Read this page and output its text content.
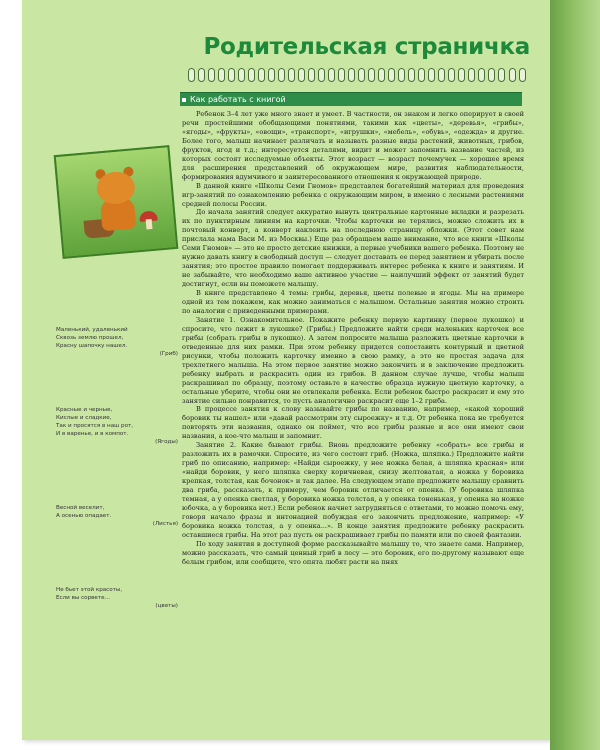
Родительская страничка
Как работать с книгой
Маленький, удаленький
Сквозь землю прошел,
Красну шапочку нашел.
(Гриб)
Красные и черные,
Кислые и сладкие,
Так и просятся в наш рот,
И в варенье, и в компот.
(Ягоды)
Весной веселит,
А осенью опадает.
(Листья)
Не бьет этой красоты,
Если вы сорвете...
(цветы)

Ребенок 3–4 лет уже много знает и умеет. В частности, он знаком и легко оперирует в своей речи простейшими обобщающими понятиями, такими как «цветы», «деревья», «грибы», «ягоды», «фрукты», «овощи», «транспорт», «игрушки», «мебель», «обувь», «одежда» и другие. Более того, малыш начинает различать и называть разные виды растений, животных, грибов, фруктов, ягод и т.д.; интересуется деталями, видит и может запомнить название частей, из которых состоят исследуемые объекты. Этот возраст — возраст почемучек — хорошее время для расширения представлений об окружающем мире, развития наблюдательности, формирования вдумчивого и заинтересованного отношения к окружающей природе.

В данной книге «Школы Семи Гномов» представлен богатейший материал для проведения игр-занятий по ознакомлению ребенка с окружающим миром, в именно с лесными растениями средней полосы России.

До начала занятий следует аккуратно вынуть центральные картонные вкладки и разрезать их по пунктирным линиям на карточки. Чтобы карточки не терялись, можно сложить их в почтовый конверт, а конверт наклеить на последнюю страницу обложки. (Этот совет нам прислала мама Васи М. из Москвы.) Еще раз обращаем ваше внимание, что все книги «Школы Семи Гномов» — это не просто детские книжки, а первые учебники вашего ребенка. Поэтому не нужно давать книгу в свободный доступ — следует доставать ее перед занятием и убирать после занятия; это простое правило помогает поддерживать интерес ребенка к книге и занятиям. И не забывайте, что необходимо ваше активное участие — наилучший эффект от занятий будет достигнут, если вы поможете малышу.

В книге представлено 4 темы: грибы, деревья, цветы полевые и ягоды. Мы на примере одной из тем покажем, как можно заниматься с малышом. Остальные занятия можно строить по аналогии с приведенными примерами.

Занятие 1. Ознакомительное. Покажите ребенку первую картинку (первое лукошко) и спросите, что лежит в лукошке? (Грибы.) Предложите найти среди маленьких карточек все грибы (собрать грибы в лукошко). А затем попросите малыша разложить цветные карточки в отведенные для них рамки. При этом ребенку придется сопоставить контурный и цветной рисунки, чтобы положить карточку именно в свою рамку, а это не простая задача для трехлетнего малыша. На этом первое занятие можно закончить и в заключение предложить ребенку выбрать и раскрасить один из грибов. В данном случае лучше, чтобы малыш раскрашивал по образцу, поэтому оставьте в качестве образца нужную цветную карточку, а остальные уберите, чтобы они не отвлекали ребенка. Если ребенок быстро раскрасит и ему это занятие сильно понравится, то пусть аналогично раскрасит еще 1–2 гриба.

В процессе занятия к слову называйте грибы по названию, например, «какой хороший боровик ты нашел» или «давай рассмотрим эту сыроежку» и т.д. От ребенка пока не требуется повторять эти названия, однако он поймет, что все грибы разные и все они имеют свои названия, а кое-что малыш и запомнит.

Занятие 2. Какие бывают грибы. Вновь предложите ребенку «собрать» все грибы и разложить их в рамочки. Спросите, из чего состоит гриб. (Ножка, шляпка.) Предложите найти гриб по описанию, например: «Найди сыроежку, у нее ножка белая, а шляпка красная» или «найди боровик, у него шляпка сверху коричневая, снизу желтоватая, а ножка у боровика крепкая, толстая, как бочонок» и так далее. На следующем этапе предложите малышу сравнить два гриба, рассказать, к примеру, чем боровик отличается от опенка. (У боровика шляпка темная, а у опенка светлая, у боровика ножка толстая, а у опенка тоненькая, у опенка на ножке юбочка, а у боровика нет.) Если ребенок начнет затрудняться с ответами, то можно помочь ему, говоря начало фразы и интонацией побуждая его закончить предложение, например: «У боровика ножка толстая, а у опенка...». В конце занятия предложите ребенку раскрасить оставшиеся грибы. На этот раз пусть он раскрашивает грибы по памяти или по своей фантазии.

По ходу занятия в доступной форме рассказывайте малышу то, что знаете сами. Например, можно рассказать, что самый ценный гриб в лесу — это боровик, его по-другому называют еще белым грибом, или сообщите, что опята любят расти на пнях
